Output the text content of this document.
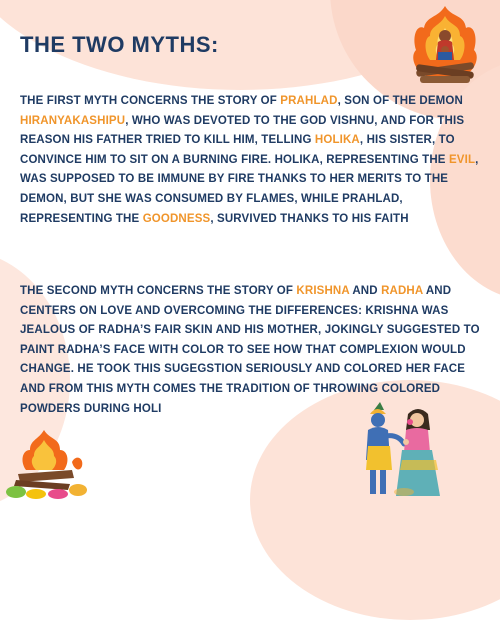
THE TWO MYTHS:

THE FIRST MYTH CONCERNS THE STORY OF PRAHLAD, SON OF THE DEMON HIRANYAKASHIPU, WHO WAS DEVOTED TO THE GOD VISHNU, AND FOR THIS REASON HIS FATHER TRIED TO KILL HIM, TELLING HOLIKA, HIS SISTER, TO CONVINCE HIM TO SIT ON A BURNING FIRE. HOLIKA, REPRESENTING THE EVIL, WAS SUPPOSED TO BE IMMUNE BY FIRE THANKS TO HER MERITS TO THE DEMON, BUT SHE WAS CONSUMED BY FLAMES, WHILE PRAHLAD, REPRESENTING THE GOODNESS, SURVIVED THANKS TO HIS FAITH

THE SECOND MYTH CONCERNS THE STORY OF KRISHNA AND RADHA AND CENTERS ON LOVE AND OVERCOMING THE DIFFERENCES: KRISHNA WAS JEALOUS OF RADHA’S FAIR SKIN AND HIS MOTHER, JOKINGLY SUGGESTED TO PAINT RADHA’S FACE WITH COLOR TO SEE HOW THAT COMPLEXION WOULD CHANGE. HE TOOK THIS SUGEGSTION SERIOUSLY AND COLORED HER FACE AND FROM THIS MYTH COMES THE TRADITION OF THROWING COLORED POWDERS DURING HOLI
